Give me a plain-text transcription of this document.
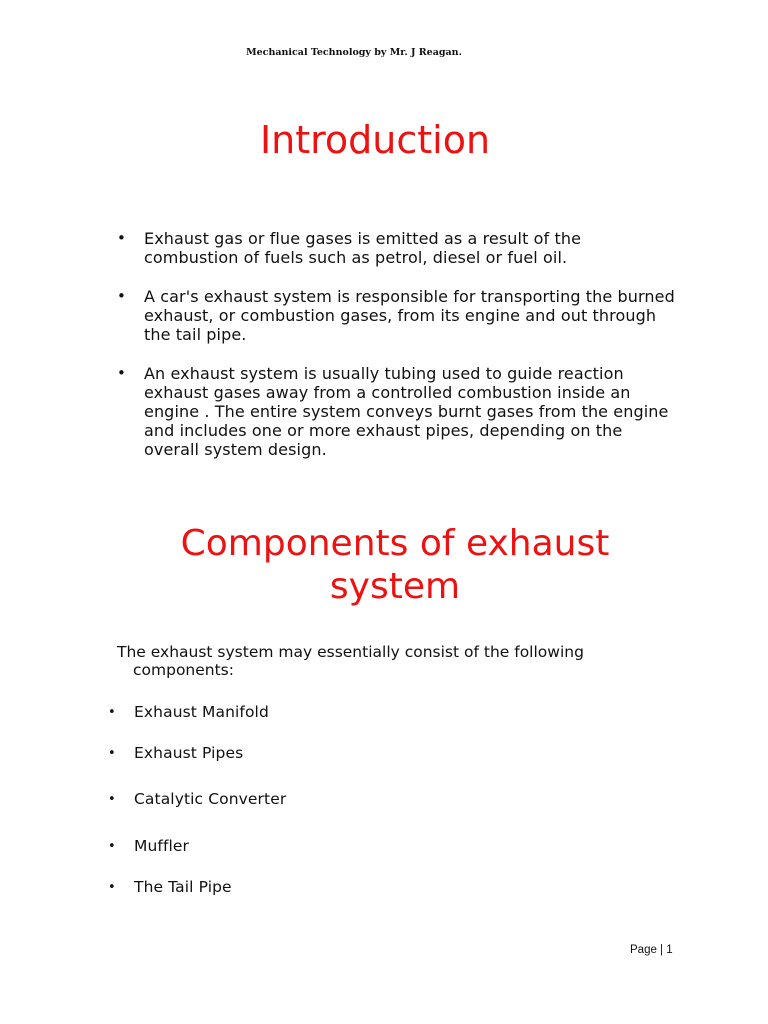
Mechanical Technology by Mr. J Reagan.
Introduction
• Exhaust gas or flue gases is emitted as a result of the combustion of fuels such as petrol, diesel or fuel oil.
• A car's exhaust system is responsible for transporting the burned exhaust, or combustion gases, from its engine and out through the tail pipe.
• An exhaust system is usually tubing used to guide reaction exhaust gases away from a controlled combustion inside an engine . The entire system conveys burnt gases from the engine and includes one or more exhaust pipes, depending on the overall system design.
Components of exhaust
system
The exhaust system may essentially consist of the following
components:
• Exhaust Manifold
• Exhaust Pipes
• Catalytic Converter
• Muffler
• The Tail Pipe
Page | 1
